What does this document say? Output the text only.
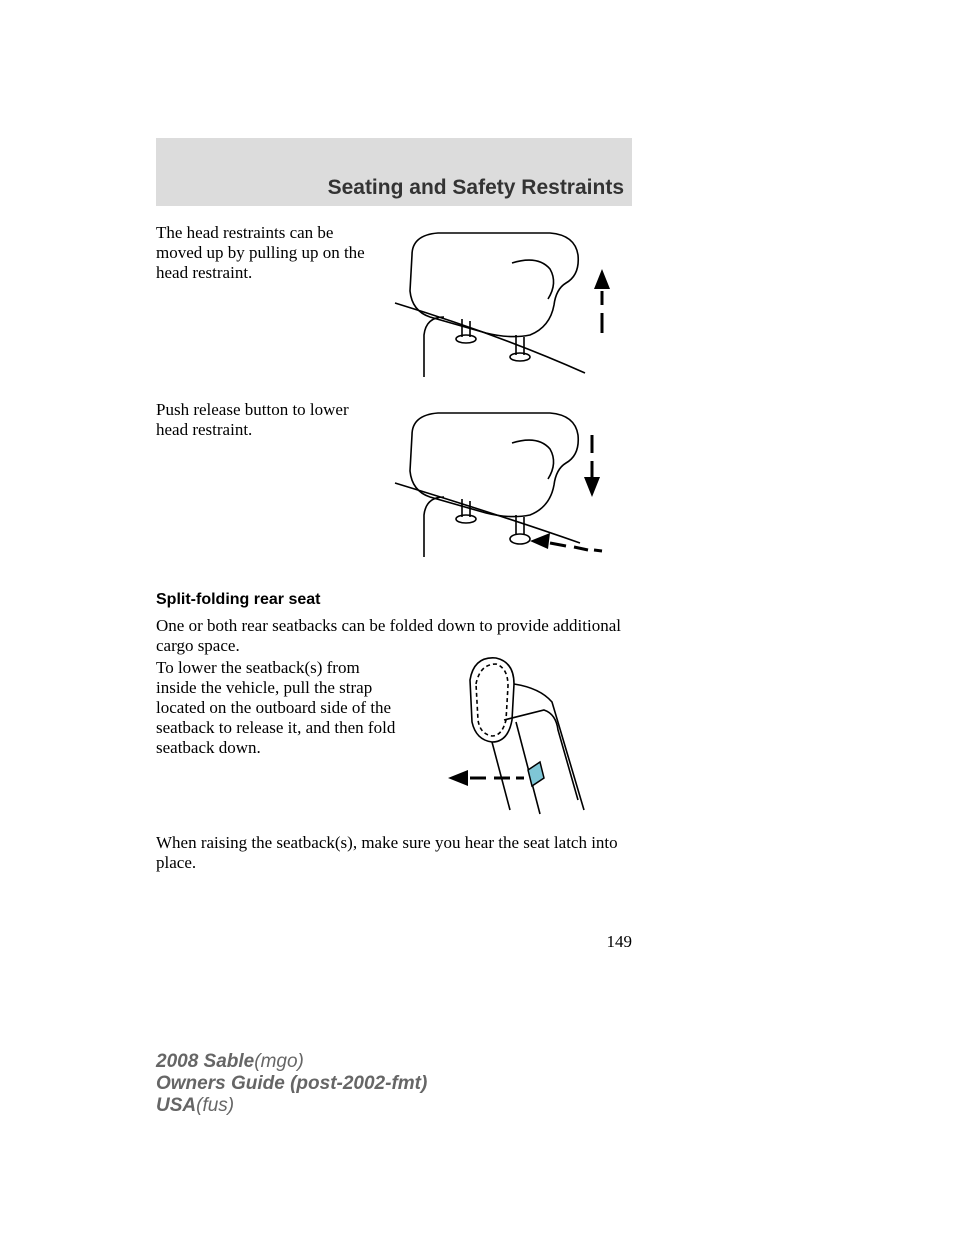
Seating and Safety Restraints

The head restraints can be moved up by pulling up on the head restraint.

Push release button to lower head restraint.

Split-folding rear seat

One or both rear seatbacks can be folded down to provide additional cargo space.

To lower the seatback(s) from inside the vehicle, pull the strap located on the outboard side of the seatback to release it, and then fold seatback down.

When raising the seatback(s), make sure you hear the seat latch into place.

149
2008 Sable(mgo)
Owners Guide (post-2002-fmt)
USA(fus)
